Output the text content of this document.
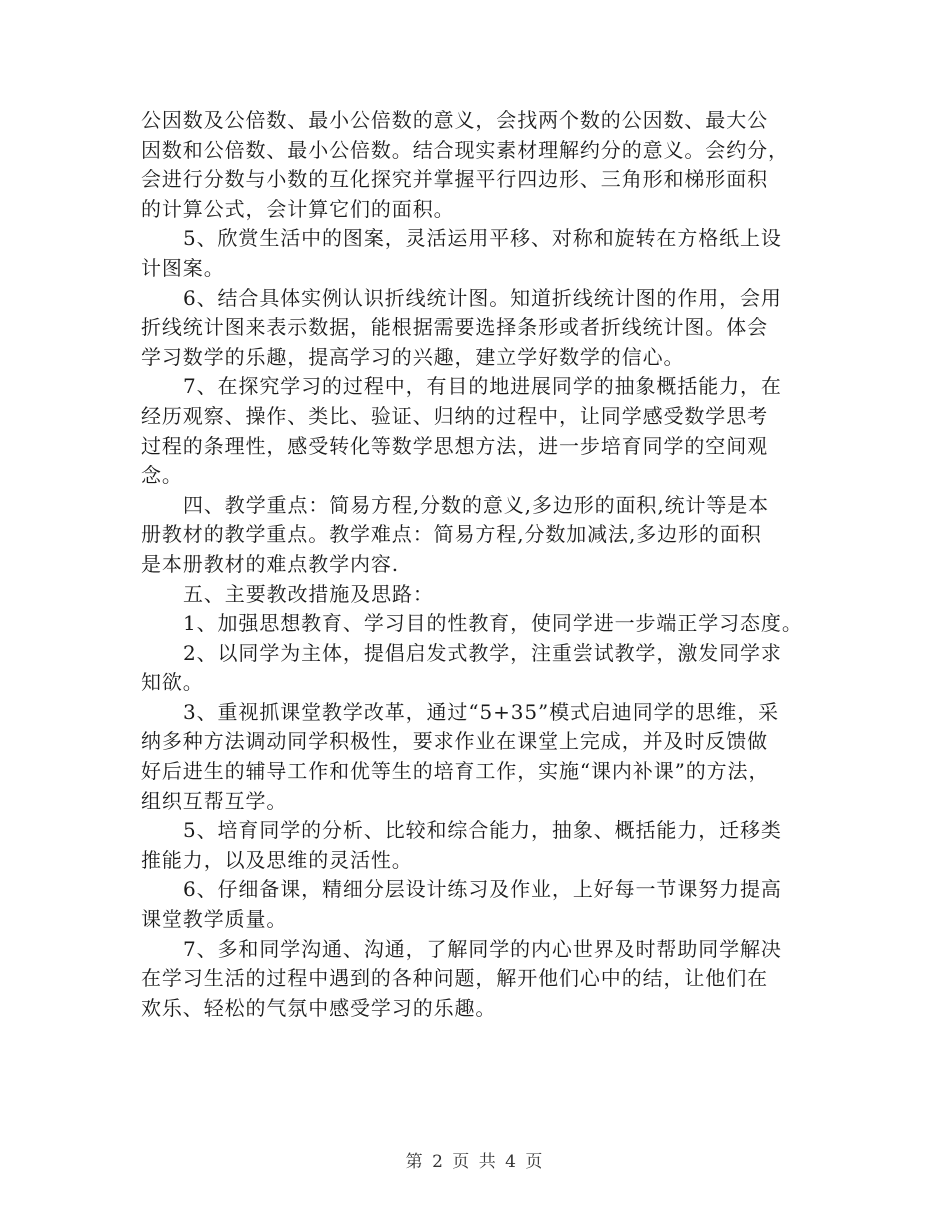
公因数及公倍数、最小公倍数的意义，会找两个数的公因数、最大公
因数和公倍数、最小公倍数。结合现实素材理解约分的意义。会约分，
会进行分数与小数的互化探究并掌握平行四边形、三角形和梯形面积
的计算公式，会计算它们的面积。
5、欣赏生活中的图案，灵活运用平移、对称和旋转在方格纸上设
计图案。
6、结合具体实例认识折线统计图。知道折线统计图的作用，会用
折线统计图来表示数据，能根据需要选择条形或者折线统计图。体会
学习数学的乐趣，提高学习的兴趣，建立学好数学的信心。
7、在探究学习的过程中，有目的地进展同学的抽象概括能力，在
经历观察、操作、类比、验证、归纳的过程中，让同学感受数学思考
过程的条理性，感受转化等数学思想方法，进一步培育同学的空间观
念。
四、教学重点：简易方程,分数的意义,多边形的面积,统计等是本
册教材的教学重点。教学难点：简易方程,分数加减法,多边形的面积
是本册教材的难点教学内容.
五、主要教改措施及思路：
1、加强思想教育、学习目的性教育，使同学进一步端正学习态度。
2、以同学为主体，提倡启发式教学，注重尝试教学，激发同学求
知欲。
3、重视抓课堂教学改革，通过“5+35”模式启迪同学的思维，采
纳多种方法调动同学积极性，要求作业在课堂上完成，并及时反馈做
好后进生的辅导工作和优等生的培育工作，实施“课内补课”的方法，
组织互帮互学。
5、培育同学的分析、比较和综合能力，抽象、概括能力，迁移类
推能力，以及思维的灵活性。
6、仔细备课，精细分层设计练习及作业，上好每一节课努力提高
课堂教学质量。
7、多和同学沟通、沟通，了解同学的内心世界及时帮助同学解决
在学习生活的过程中遇到的各种问题，解开他们心中的结，让他们在
欢乐、轻松的气氛中感受学习的乐趣。
第 2 页 共 4 页
